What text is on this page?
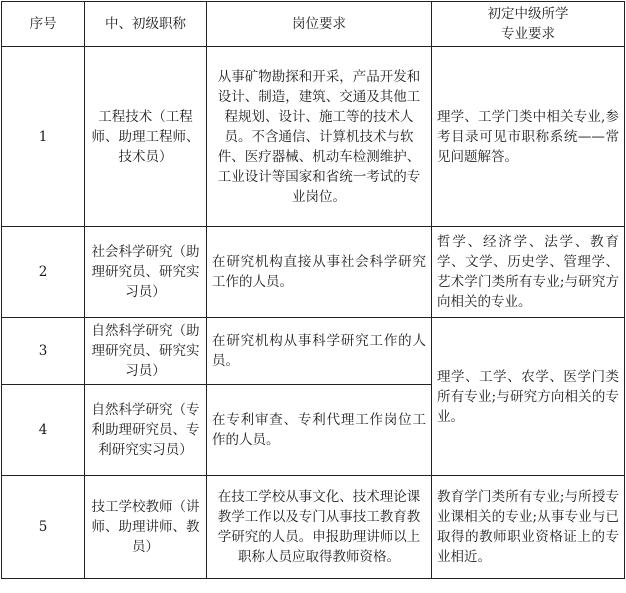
序号	中、初级职称	岗位要求	初定中级所学
专业要求
1	工程技术（工程师、助理工程师、技术员）	从事矿物勘探和开采，产品开发和设计、制造，建筑、交通及其他工程规划、设计、施工等的技术人员。不含通信、计算机技术与软件、医疗器械、机动车检测维护、工业设计等国家和省统一考试的专业岗位。	理学、工学门类中相关专业,参考目录可见市职称系统——常见问题解答。
2	社会科学研究（助理研究员、研究实习员）	在研究机构直接从事社会科学研究工作的人员。	哲学、经济学、法学、教育学、文学、历史学、管理学、艺术学门类所有专业;与研究方向相关的专业。
3	自然科学研究（助理研究员、研究实习员）	在研究机构从事科学研究工作的人员。	理学、工学、农学、医学门类所有专业;与研究方向相关的专业。
4	自然科学研究（专利助理研究员、专利研究实习员）	在专利审查、专利代理工作岗位工作的人员。	
5	技工学校教师（讲师、助理讲师、教员）	在技工学校从事文化、技术理论课教学工作以及专门从事技工教育教学研究的人员。申报助理讲师以上职称人员应取得教师资格。	教育学门类所有专业;与所授专业课相关的专业;从事专业与已取得的教师职业资格证上的专业相近。
